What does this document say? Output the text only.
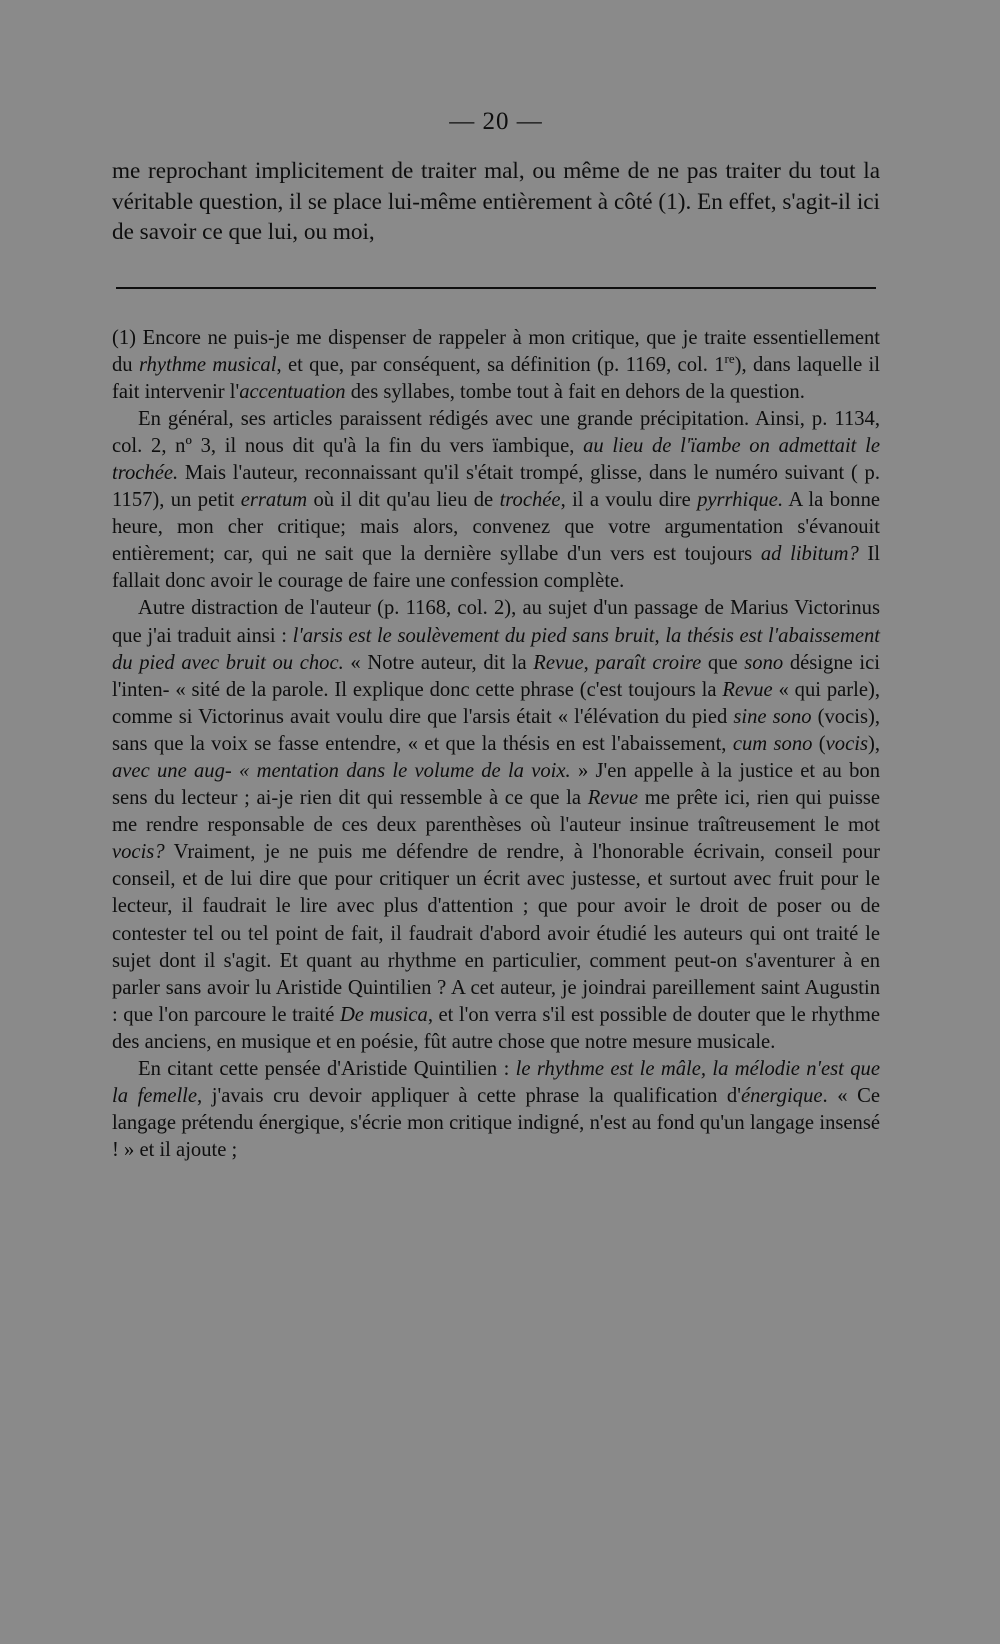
— 20 —

me reprochant implicitement de traiter mal, ou même de ne pas traiter du tout la véritable question, il se place lui-même entièrement à côté (1). En effet, s'agit-il ici de savoir ce que lui, ou moi,

(1) Encore ne puis-je me dispenser de rappeler à mon critique, que je traite essentiellement du rhythme musical, et que, par conséquent, sa définition (p. 1169, col. 1re), dans laquelle il fait intervenir l'accentuation des syllabes, tombe tout à fait en dehors de la question.

En général, ses articles paraissent rédigés avec une grande précipitation. Ainsi, p. 1134, col. 2, nº 3, il nous dit qu'à la fin du vers ïambique, au lieu de l'ïambe on admettait le trochée. Mais l'auteur, reconnaissant qu'il s'était trompé, glisse, dans le numéro suivant ( p. 1157), un petit erratum où il dit qu'au lieu de trochée, il a voulu dire pyrrhique. A la bonne heure, mon cher critique; mais alors, convenez que votre argumentation s'évanouit entièrement; car, qui ne sait que la dernière syllabe d'un vers est toujours ad libitum? Il fallait donc avoir le courage de faire une confession complète.

Autre distraction de l'auteur (p. 1168, col. 2), au sujet d'un passage de Marius Victorinus que j'ai traduit ainsi : l'arsis est le soulèvement du pied sans bruit, la thésis est l'abaissement du pied avec bruit ou choc. « Notre auteur, dit la Revue, paraît croire que sono désigne ici l'inten- « sité de la parole. Il explique donc cette phrase (c'est toujours la Revue « qui parle), comme si Victorinus avait voulu dire que l'arsis était « l'élévation du pied sine sono (vocis), sans que la voix se fasse entendre, « et que la thésis en est l'abaissement, cum sono (vocis), avec une aug- « mentation dans le volume de la voix. » J'en appelle à la justice et au bon sens du lecteur ; ai-je rien dit qui ressemble à ce que la Revue me prête ici, rien qui puisse me rendre responsable de ces deux parenthèses où l'auteur insinue traîtreusement le mot vocis? Vraiment, je ne puis me défendre de rendre, à l'honorable écrivain, conseil pour conseil, et de lui dire que pour critiquer un écrit avec justesse, et surtout avec fruit pour le lecteur, il faudrait le lire avec plus d'attention ; que pour avoir le droit de poser ou de contester tel ou tel point de fait, il faudrait d'abord avoir étudié les auteurs qui ont traité le sujet dont il s'agit. Et quant au rhythme en particulier, comment peut-on s'aventurer à en parler sans avoir lu Aristide Quintilien ? A cet auteur, je joindrai pareillement saint Augustin : que l'on parcoure le traité De musica, et l'on verra s'il est possible de douter que le rhythme des anciens, en musique et en poésie, fût autre chose que notre mesure musicale.

En citant cette pensée d'Aristide Quintilien : le rhythme est le mâle, la mélodie n'est que la femelle, j'avais cru devoir appliquer à cette phrase la qualification d'énergique. « Ce langage prétendu énergique, s'écrie mon critique indigné, n'est au fond qu'un langage insensé ! » et il ajoute ;
